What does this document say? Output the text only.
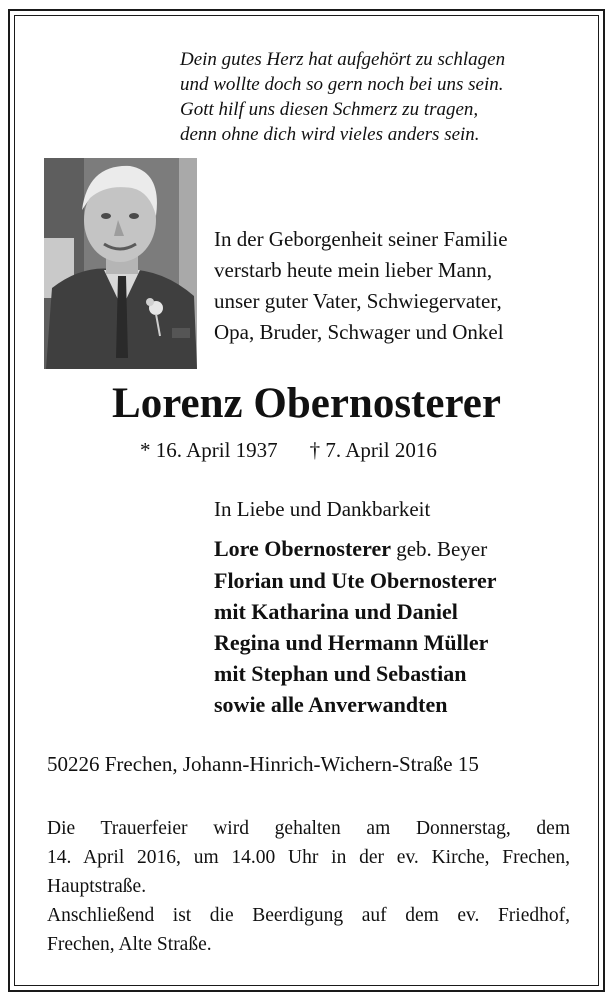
Dein gutes Herz hat aufgehört zu schlagen
und wollte doch so gern noch bei uns sein.
Gott hilf uns diesen Schmerz zu tragen,
denn ohne dich wird vieles anders sein.
In der Geborgenheit seiner Familie
verstarb heute mein lieber Mann,
unser guter Vater, Schwiegervater,
Opa, Bruder, Schwager und Onkel
Lorenz Obernosterer
* 16. April 1937 † 7. April 2016
In Liebe und Dankbarkeit
Lore Obernosterer geb. Beyer
Florian und Ute Obernosterer
mit Katharina und Daniel
Regina und Hermann Müller
mit Stephan und Sebastian
sowie alle Anverwandten
50226 Frechen, Johann-Hinrich-Wichern-Straße 15
Die Trauerfeier wird gehalten am Donnerstag, dem
14. April 2016, um 14.00 Uhr in der ev. Kirche, Frechen,
Hauptstraße.
Anschließend ist die Beerdigung auf dem ev. Friedhof,
Frechen, Alte Straße.
